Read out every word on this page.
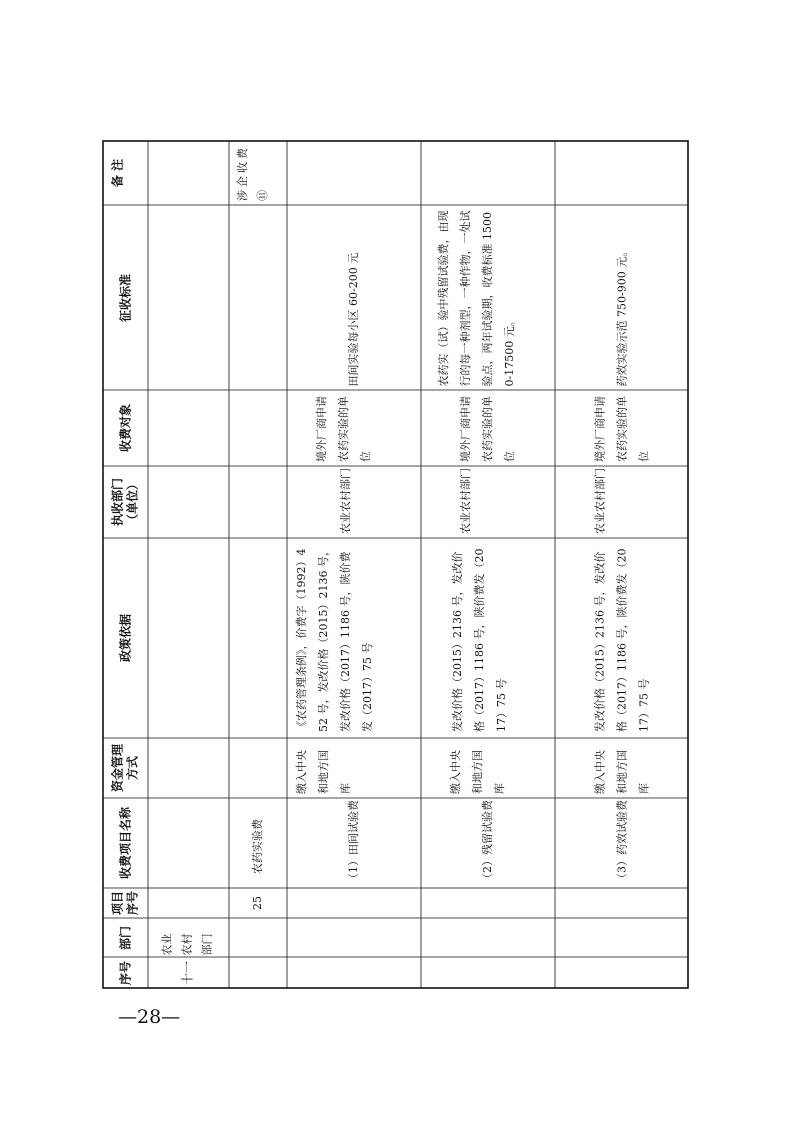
备 注
征收标准
收费对象
执收部门
（单位）
政策依据
资金管理
方式
收费项目名称
项目
序号
部门
序号
农业
农村
部门
十一
涉企收费⑪
农药实验费
25
（1）田间试验费
缴入中央和地方国库
《农药管理条例》，价费字（1992）452 号，发改价格（2015）2136 号，发改价格（2017）1186 号，陕价费发（2017）75 号
农业农村部门
境外厂商申请农药实验的单位
田间实验每小区 60-200 元
（2）残留试验费
缴入中央和地方国库
发改价格（2015）2136 号，发改价格（2017）1186 号，陕价费发（2017）75 号
农业农村部门
境外厂商申请农药实验的单位
农药实（试）验中残留试验费，由现行的每一种剂型，一种作物，一处试验点，两年试验期，收费标准 15000-17500 元。
（3）药效试验费
缴入中央和地方国库
发改价格（2015）2136 号，发改价格（2017）1186 号，陕价费发（2017）75 号
农业农村部门
境外厂商申请农药实验的单位
药效实验示范 750-900 元。
—28—
